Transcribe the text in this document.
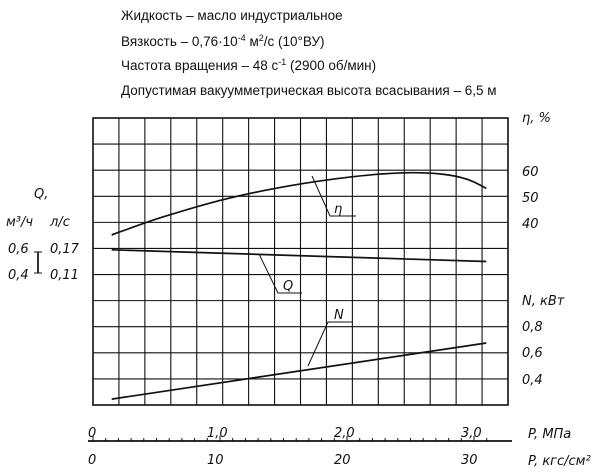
Жидкость – масло индустриальное
Вязкость – $0,76\cdot 10^{-4}$ $м^2/с$ (10°ВУ)
Частота вращения – 48 $с^{-1}$ (2900 об/мин)
Допустимая вакуумметрическая высота всасывания – 6,5 м
η
Q
N
η, %
60
50
40
N, кВт
0,8
0,6
0,4
Q,
м³/ч л/с
0,6
0,4
0,17
0,11
P, МПа
P, кгс/см²
0	1,0	2,0	3,0
0	10	20	30
